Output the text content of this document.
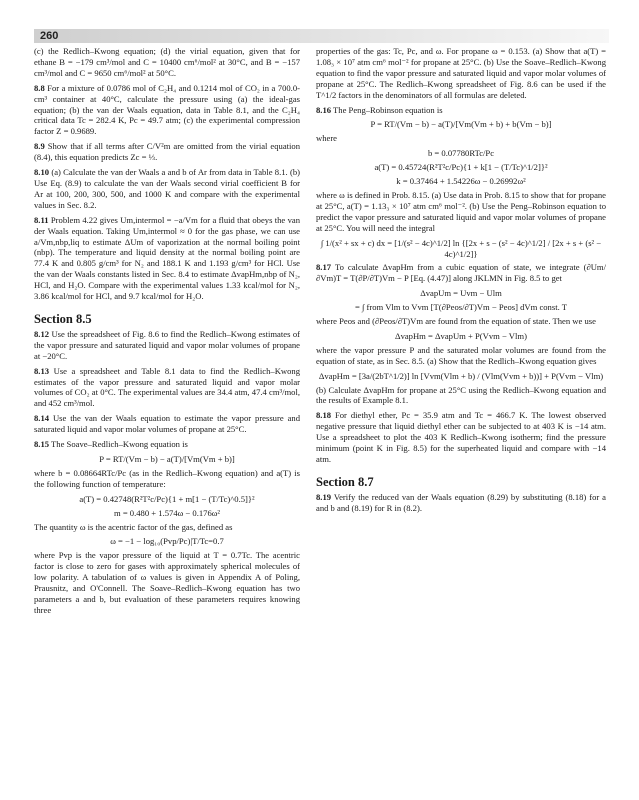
260

(c) the Redlich–Kwong equation; (d) the virial equation, given that for ethane B = −179 cm³/mol and C = 10400 cm⁶/mol² at 30°C, and B = −157 cm³/mol and C = 9650 cm⁶/mol² at 50°C.

8.8 For a mixture of 0.0786 mol of C₂H₄ and 0.1214 mol of CO₂ in a 700.0-cm³ container at 40°C, calculate the pressure using (a) the ideal-gas equation; (b) the van der Waals equation, data in Table 8.1, and the C₂H₄ critical data Tc = 282.4 K, Pc = 49.7 atm; (c) the experimental compression factor Z = 0.9689.

8.9 Show that if all terms after C/V²m are omitted from the virial equation (8.4), this equation predicts Zc = ⅓.

8.10 (a) Calculate the van der Waals a and b of Ar from data in Table 8.1. (b) Use Eq. (8.9) to calculate the van der Waals second virial coefficient B for Ar at 100, 200, 300, 500, and 1000 K and compare with the experimental values in Sec. 8.2.

8.11 Problem 4.22 gives Um,intermol = −a/Vm for a fluid that obeys the van der Waals equation. Taking Um,intermol ≈ 0 for the gas phase, we can use a/Vm,nbp,liq to estimate ΔUm of vaporization at the normal boiling point (nbp). The temperature and liquid density at the normal boiling point are 77.4 K and 0.805 g/cm³ for N₂ and 188.1 K and 1.193 g/cm³ for HCl. Use the van der Waals constants listed in Sec. 8.4 to estimate ΔvapHm,nbp of N₂, HCl, and H₂O. Compare with the experimental values 1.33 kcal/mol for N₂, 3.86 kcal/mol for HCl, and 9.7 kcal/mol for H₂O.

Section 8.5

8.12 Use the spreadsheet of Fig. 8.6 to find the Redlich–Kwong estimates of the vapor pressure and saturated liquid and vapor molar volumes of propane at −20°C.

8.13 Use a spreadsheet and Table 8.1 data to find the Redlich–Kwong estimates of the vapor pressure and saturated liquid and vapor molar volumes of CO₂ at 0°C. The experimental values are 34.4 atm, 47.4 cm³/mol, and 452 cm³/mol.

8.14 Use the van der Waals equation to estimate the vapor pressure and saturated liquid and vapor molar volumes of propane at 25°C.

8.15 The Soave–Redlich–Kwong equation is

P = RT/(Vm − b) − a(T)/[Vm(Vm + b)]

where b = 0.08664RTc/Pc (as in the Redlich–Kwong equation) and a(T) is the following function of temperature:

a(T) = 0.42748(R²T²c/Pc){1 + m[1 − (T/Tc)^0.5]}²
m = 0.480 + 1.574ω − 0.176ω²

The quantity ω is the acentric factor of the gas, defined as

ω = −1 − log₁₀(Pvp/Pc)|T/Tc=0.7

where Pvp is the vapor pressure of the liquid at T = 0.7Tc. The acentric factor is close to zero for gases with approximately spherical molecules of low polarity. A tabulation of ω values is given in Appendix A of Poling, Prausnitz, and O'Connell. The Soave–Redlich–Kwong equation has two parameters a and b, but evaluation of these parameters requires knowing three

properties of the gas: Tc, Pc, and ω. For propane ω = 0.153. (a) Show that a(T) = 1.08₃ × 10⁷ atm cm⁶ mol⁻² for propane at 25°C. (b) Use the Soave–Redlich–Kwong equation to find the vapor pressure and saturated liquid and vapor molar volumes of propane at 25°C. The Redlich–Kwong spreadsheet of Fig. 8.6 can be used if the T^1/2 factors in the denominators of all formulas are deleted.

8.16 The Peng–Robinson equation is

P = RT/(Vm − b) − a(T)/[Vm(Vm + b) + b(Vm − b)]

where

b = 0.07780RTc/Pc
a(T) = 0.45724(R²T²c/Pc){1 + k[1 − (T/Tc)^1/2]}²
k = 0.37464 + 1.54226ω − 0.26992ω²

where ω is defined in Prob. 8.15. (a) Use data in Prob. 8.15 to show that for propane at 25°C, a(T) = 1.13₃ × 10⁷ atm cm⁶ mol⁻². (b) Use the Peng–Robinson equation to predict the vapor pressure and saturated liquid and vapor molar volumes of propane at 25°C. You will need the integral

∫ 1/(x² + sx + c) dx = [1/(s² − 4c)^1/2] ln {[2x + s − (s² − 4c)^1/2] / [2x + s + (s² − 4c)^1/2]}

8.17 To calculate ΔvapHm from a cubic equation of state, we integrate (∂Um/∂Vm)T = T(∂P/∂T)Vm − P [Eq. (4.47)] along JKLMN in Fig. 8.5 to get

ΔvapUm = Uvm − Ulm
= ∫ from Vlm to Vvm [T(∂Peos/∂T)Vm − Peos] dVm const. T

where Peos and (∂Peos/∂T)Vm are found from the equation of state. Then we use

ΔvapHm = ΔvapUm + P(Vvm − Vlm)

where the vapor pressure P and the saturated molar volumes are found from the equation of state, as in Sec. 8.5. (a) Show that the Redlich–Kwong equation gives

ΔvapHm = [3a/(2bT^1/2)] ln [Vvm(Vlm + b) / (Vlm(Vvm + b))] + P(Vvm − Vlm)

(b) Calculate ΔvapHm for propane at 25°C using the Redlich–Kwong equation and the results of Example 8.1.

8.18 For diethyl ether, Pc = 35.9 atm and Tc = 466.7 K. The lowest observed negative pressure that liquid diethyl ether can be subjected to at 403 K is −14 atm. Use a spreadsheet to plot the 403 K Redlich–Kwong isotherm; find the pressure minimum (point K in Fig. 8.5) for the superheated liquid and compare with −14 atm.

Section 8.7

8.19 Verify the reduced van der Waals equation (8.29) by substituting (8.18) for a and b and (8.19) for R in (8.2).
